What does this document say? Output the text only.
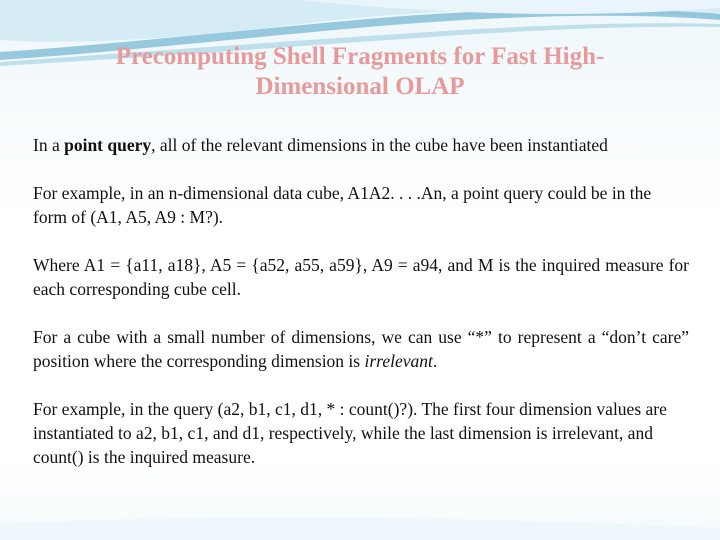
Precomputing Shell Fragments for Fast High-
Dimensional OLAP

In a point query, all of the relevant dimensions in the cube have been instantiated

For example, in an n-dimensional data cube, A1A2. . . .An, a point query could be in the form of (A1, A5, A9 : M?).

Where A1 = {a11, a18}, A5 = {a52, a55, a59}, A9 = a94, and M is the inquired measure for each corresponding cube cell.

For a cube with a small number of dimensions, we can use “*” to represent a “don’t care” position where the corresponding dimension is irrelevant.

For example, in the query (a2, b1, c1, d1, * : count()?). The first four dimension values are instantiated to a2, b1, c1, and d1, respectively, while the last dimension is irrelevant, and count() is the inquired measure.
